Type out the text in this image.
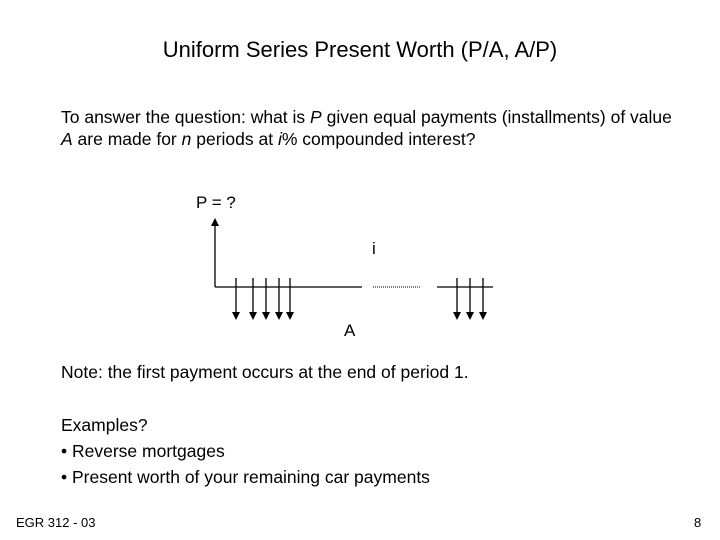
Uniform Series Present Worth (P/A, A/P)
To answer the question: what is P given equal payments (installments) of value A are made for n periods at i% compounded interest?
P = ?
i
A
Note: the first payment occurs at the end of period 1.
Examples?
• Reverse mortgages
• Present worth of your remaining car payments
EGR 312 - 03	8
